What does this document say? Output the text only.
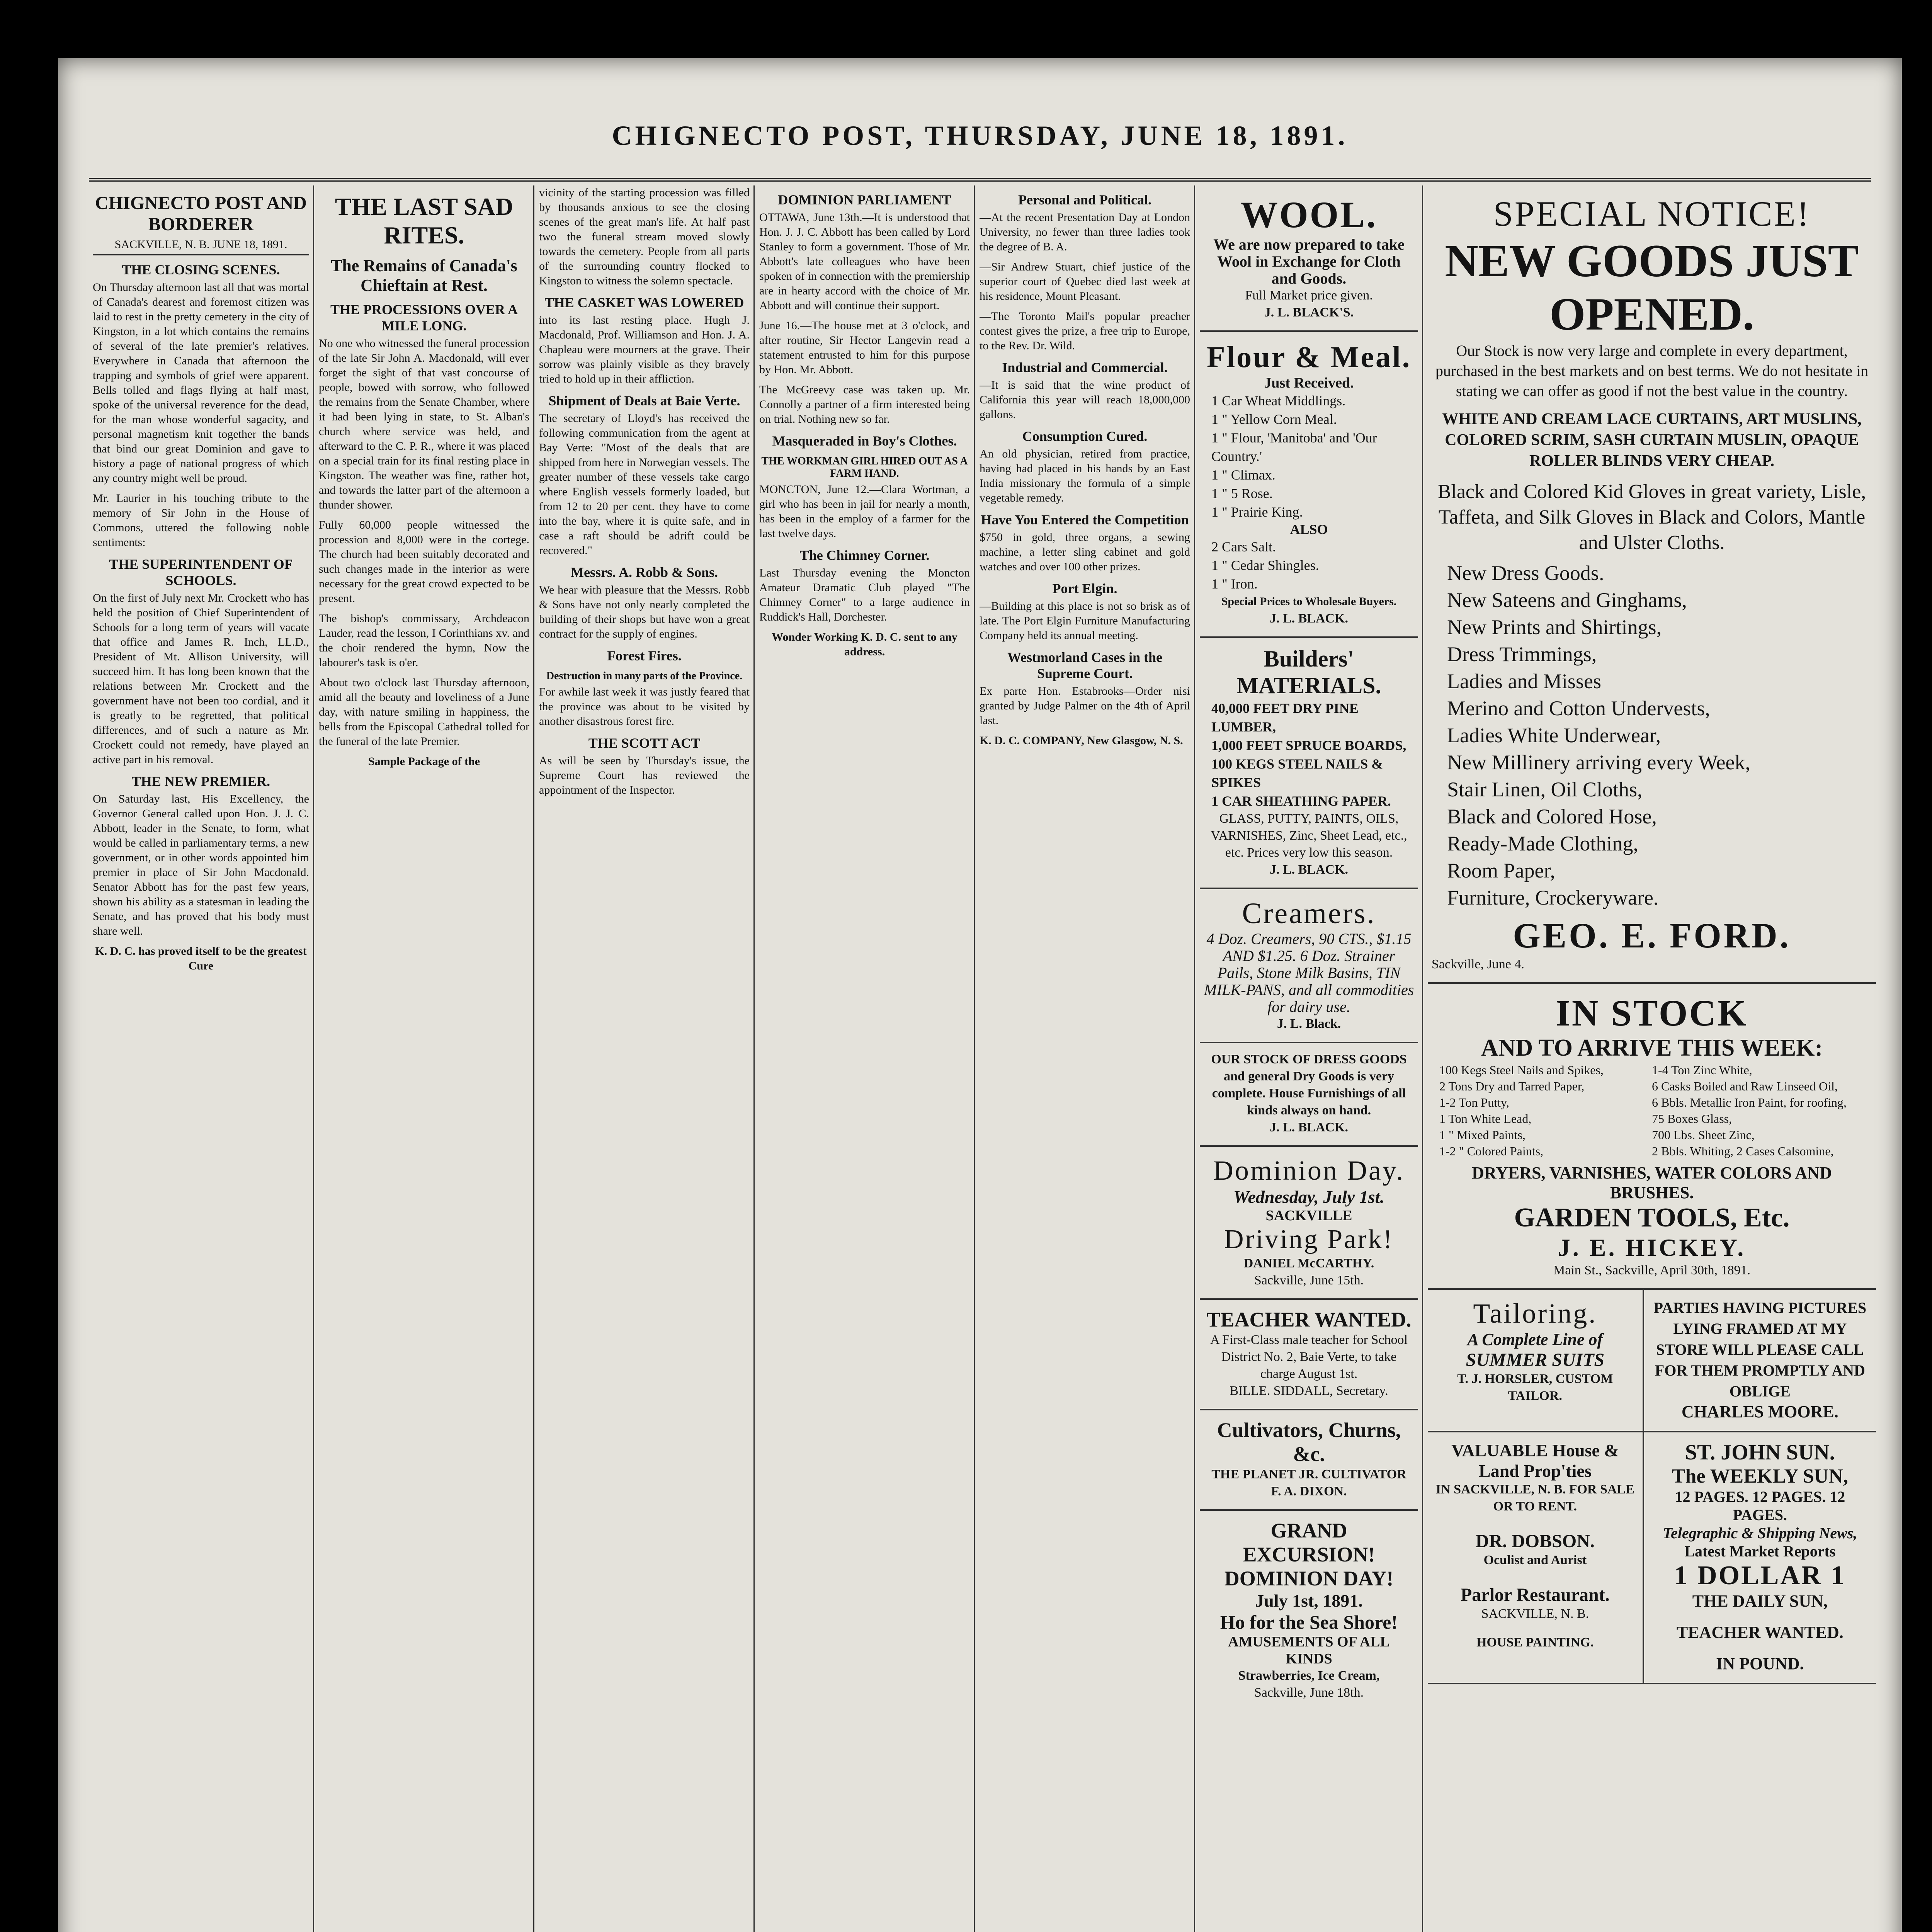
CHIGNECTO POST, THURSDAY, JUNE 18, 1891.
CHIGNECTO POST AND BORDERER
SACKVILLE, N. B. JUNE 18, 1891.
THE CLOSING SCENES.

On Thursday afternoon last all that was mortal of Canada's dearest and foremost citizen was laid to rest in the pretty cemetery in the city of Kingston, in a lot which contains the remains of several of the late premier's relatives. Everywhere in Canada that afternoon the trapping and symbols of grief were apparent. Bells tolled and flags flying at half mast, spoke of the universal reverence for the dead, for the man whose wonderful sagacity, and personal magnetism knit together the bands that bind our great Dominion and gave to history a page of national progress of which any country might well be proud.

Mr. Laurier in his touching tribute to the memory of Sir John in the House of Commons, uttered the following noble sentiments:

THE SUPERINTENDENT OF SCHOOLS.

On the first of July next Mr. Crockett who has held the position of Chief Superintendent of Schools for a long term of years will vacate that office and James R. Inch, LL.D., President of Mt. Allison University, will succeed him. It has long been known that the relations between Mr. Crockett and the government have not been too cordial, and it is greatly to be regretted, that political differences, and of such a nature as Mr. Crockett could not remedy, have played an active part in his removal.

THE NEW PREMIER.

On Saturday last, His Excellency, the Governor General called upon Hon. J. J. C. Abbott, leader in the Senate, to form, what would be called in parliamentary terms, a new government, or in other words appointed him premier in place of Sir John Macdonald. Senator Abbott has for the past few years, shown his ability as a statesman in leading the Senate, and has proved that his body must share well.

K. D. C. has proved itself to be the greatest Cure

THE LAST SAD RITES.
The Remains of Canada's Chieftain at Rest.
THE PROCESSIONS OVER A MILE LONG.

No one who witnessed the funeral procession of the late Sir John A. Macdonald, will ever forget the sight of that vast concourse of people, bowed with sorrow, who followed the remains from the Senate Chamber, where it had been lying in state, to St. Alban's church where service was held, and afterward to the C. P. R., where it was placed on a special train for its final resting place in Kingston. The weather was fine, rather hot, and towards the latter part of the afternoon a thunder shower.

Fully 60,000 people witnessed the procession and 8,000 were in the cortege. The church had been suitably decorated and such changes made in the interior as were necessary for the great crowd expected to be present.

The bishop's commissary, Archdeacon Lauder, read the lesson, I Corinthians xv. and the choir rendered the hymn, Now the labourer's task is o'er.

About two o'clock last Thursday afternoon, amid all the beauty and loveliness of a June day, with nature smiling in happiness, the bells from the Episcopal Cathedral tolled for the funeral of the late Premier.

Sample Package of the

vicinity of the starting procession was filled by thousands anxious to see the closing scenes of the great man's life. At half past two the funeral stream moved slowly towards the cemetery. People from all parts of the surrounding country flocked to Kingston to witness the solemn spectacle.

THE CASKET WAS LOWERED

into its last resting place. Hugh J. Macdonald, Prof. Williamson and Hon. J. A. Chapleau were mourners at the grave. Their sorrow was plainly visible as they bravely tried to hold up in their affliction.

Shipment of Deals at Baie Verte.

The secretary of Lloyd's has received the following communication from the agent at Bay Verte: "Most of the deals that are shipped from here in Norwegian vessels. The greater number of these vessels take cargo where English vessels formerly loaded, but from 12 to 20 per cent. they have to come into the bay, where it is quite safe, and in case a raft should be adrift could be recovered."

Messrs. A. Robb & Sons.

We hear with pleasure that the Messrs. Robb & Sons have not only nearly completed the building of their shops but have won a great contract for the supply of engines.

Forest Fires.
Destruction in many parts of the Province.

For awhile last week it was justly feared that the province was about to be visited by another disastrous forest fire.

THE SCOTT ACT

As will be seen by Thursday's issue, the Supreme Court has reviewed the appointment of the Inspector.

DOMINION PARLIAMENT

OTTAWA, June 13th.—It is understood that Hon. J. J. C. Abbott has been called by Lord Stanley to form a government. Those of Mr. Abbott's late colleagues who have been spoken of in connection with the premiership are in hearty accord with the choice of Mr. Abbott and will continue their support.

June 16.—The house met at 3 o'clock, and after routine, Sir Hector Langevin read a statement entrusted to him for this purpose by Hon. Mr. Abbott.

The McGreevy case was taken up. Mr. Connolly a partner of a firm interested being on trial. Nothing new so far.

Masqueraded in Boy's Clothes.
THE WORKMAN GIRL HIRED OUT AS A FARM HAND.

MONCTON, June 12.—Clara Wortman, a girl who has been in jail for nearly a month, has been in the employ of a farmer for the last twelve days.

The Chimney Corner.

Last Thursday evening the Moncton Amateur Dramatic Club played "The Chimney Corner" to a large audience in Ruddick's Hall, Dorchester.

Wonder Working K. D. C. sent to any address.

Personal and Political.

—At the recent Presentation Day at London University, no fewer than three ladies took the degree of B. A.

—Sir Andrew Stuart, chief justice of the superior court of Quebec died last week at his residence, Mount Pleasant.

—The Toronto Mail's popular preacher contest gives the prize, a free trip to Europe, to the Rev. Dr. Wild.

Industrial and Commercial.

—It is said that the wine product of California this year will reach 18,000,000 gallons.

Consumption Cured.

An old physician, retired from practice, having had placed in his hands by an East India missionary the formula of a simple vegetable remedy.

Have You Entered the Competition

$750 in gold, three organs, a sewing machine, a letter sling cabinet and gold watches and over 100 other prizes.

Port Elgin.

—Building at this place is not so brisk as of late. The Port Elgin Furniture Manufacturing Company held its annual meeting.

Westmorland Cases in the Supreme Court.

Ex parte Hon. Estabrooks—Order nisi granted by Judge Palmer on the 4th of April last.

K. D. C. COMPANY, New Glasgow, N. S.

WOOL.
We are now prepared to take Wool in Exchange for Cloth and Goods.
Full Market price given.
J. L. BLACK'S.
Flour & Meal.
Just Received.
1 Car Wheat Middlings.
1 " Yellow Corn Meal.
1 " Flour, 'Manitoba' and 'Our Country.'
1 " Climax.
1 " 5 Rose.
1 " Prairie King.
ALSO
2 Cars Salt.
1 " Cedar Shingles.
1 " Iron.
Special Prices to Wholesale Buyers.
J. L. BLACK.
Builders' MATERIALS.
40,000 FEET DRY PINE LUMBER,
1,000 FEET SPRUCE BOARDS,
100 KEGS STEEL NAILS & SPIKES
1 CAR SHEATHING PAPER.
GLASS, PUTTY, PAINTS, OILS, VARNISHES, Zinc, Sheet Lead, etc., etc. Prices very low this season.
J. L. BLACK.
Creamers.
4 Doz. Creamers, 90 CTS., $1.15 AND $1.25. 6 Doz. Strainer Pails, Stone Milk Basins, TIN MILK-PANS, and all commodities for dairy use.
J. L. Black.
OUR STOCK OF DRESS GOODS and general Dry Goods is very complete. House Furnishings of all kinds always on hand.
J. L. BLACK.
Dominion Day.
Wednesday, July 1st.
SACKVILLE
Driving Park!
DANIEL McCARTHY.
Sackville, June 15th.
TEACHER WANTED.
A First-Class male teacher for School District No. 2, Baie Verte, to take charge August 1st.
BILLE. SIDDALL, Secretary.
Cultivators, Churns, &c.
THE PLANET JR. CULTIVATOR
F. A. DIXON.
GRAND EXCURSION! DOMINION DAY!
July 1st, 1891.
Ho for the Sea Shore!
AMUSEMENTS OF ALL KINDS
Strawberries, Ice Cream,
Sackville, June 18th.
SPECIAL NOTICE!
NEW GOODS JUST OPENED.
Our Stock is now very large and complete in every department, purchased in the best markets and on best terms. We do not hesitate in stating we can offer as good if not the best value in the country.
WHITE AND CREAM LACE CURTAINS, ART MUSLINS, COLORED SCRIM, SASH CURTAIN MUSLIN, OPAQUE ROLLER BLINDS VERY CHEAP.
Black and Colored Kid Gloves in great variety, Lisle, Taffeta, and Silk Gloves in Black and Colors, Mantle and Ulster Cloths.
New Dress Goods.
New Sateens and Ginghams,
New Prints and Shirtings,
Dress Trimmings,
Ladies and Misses
Merino and Cotton Undervests,
Ladies White Underwear,
New Millinery arriving every Week,
Stair Linen, Oil Cloths,
Black and Colored Hose,
Ready-Made Clothing,
Room Paper,
Furniture, Crockeryware.
GEO. E. FORD.
Sackville, June 4.
IN STOCK
AND TO ARRIVE THIS WEEK:
100 Kegs Steel Nails and Spikes,	1-4 Ton Zinc White,
2 Tons Dry and Tarred Paper,	6 Casks Boiled and Raw Linseed Oil,
1-2 Ton Putty,	6 Bbls. Metallic Iron Paint, for roofing,
1 Ton White Lead,	75 Boxes Glass,
1 " Mixed Paints,	700 Lbs. Sheet Zinc,
1-2 " Colored Paints,	2 Bbls. Whiting, 2 Cases Calsomine,
DRYERS, VARNISHES, WATER COLORS AND BRUSHES.
GARDEN TOOLS, Etc.
J. E. HICKEY.
Main St., Sackville, April 30th, 1891.
Tailoring.
A Complete Line of
SUMMER SUITS
T. J. HORSLER, CUSTOM TAILOR.
PARTIES HAVING PICTURES LYING FRAMED AT MY STORE WILL PLEASE CALL FOR THEM PROMPTLY AND OBLIGE
CHARLES MOORE.
VALUABLE House & Land Prop'ties
IN SACKVILLE, N. B. FOR SALE OR TO RENT.
DR. DOBSON.
Oculist and Aurist
Parlor Restaurant.
SACKVILLE, N. B.
HOUSE PAINTING.
ST. JOHN SUN.
The WEEKLY SUN,
12 PAGES. 12 PAGES. 12 PAGES.
Telegraphic & Shipping News,
Latest Market Reports
1 DOLLAR 1
THE DAILY SUN,
TEACHER WANTED.
IN POUND.
